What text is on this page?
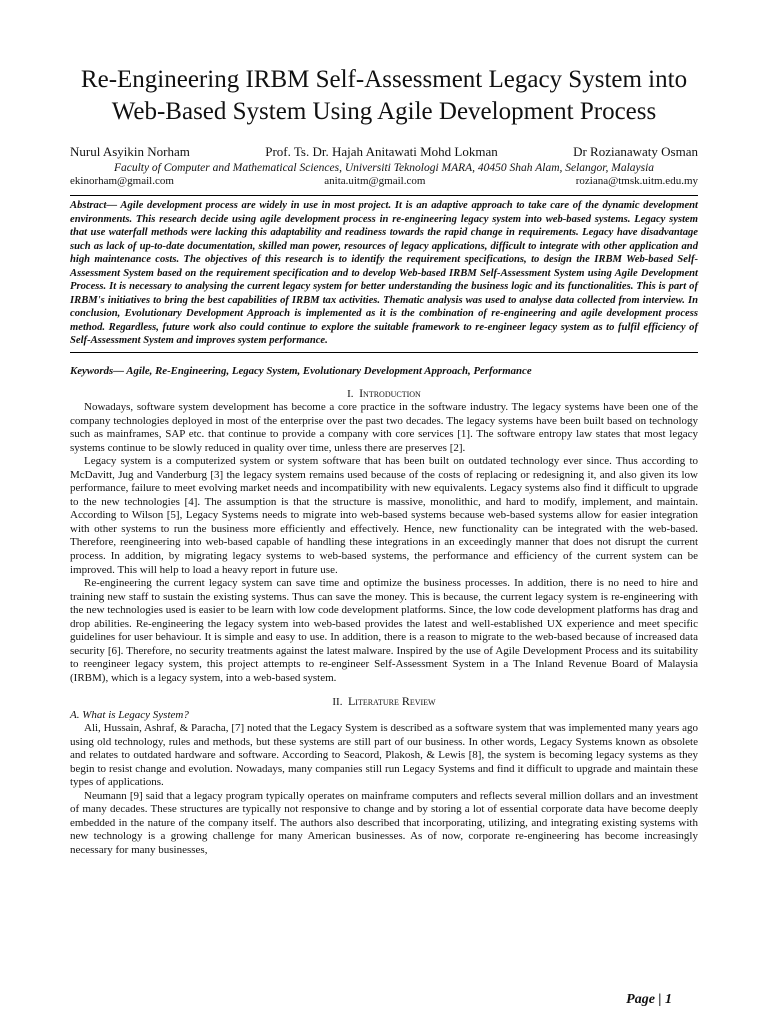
Re-Engineering IRBM Self-Assessment Legacy System into
Web-Based System Using Agile Development Process
Nurul Asyikin Norham	Prof. Ts. Dr. Hajah Anitawati Mohd Lokman	Dr Rozianawaty Osman
Faculty of Computer and Mathematical Sciences, Universiti Teknologi MARA, 40450 Shah Alam, Selangor, Malaysia
ekinorham@gmail.com	anita.uitm@gmail.com	roziana@tmsk.uitm.edu.my

Abstract— Agile development process are widely in use in most project. It is an adaptive approach to take care of the dynamic development environments. This research decide using agile development process in re-engineering legacy system into web-based systems. Legacy system that use waterfall methods were lacking this adaptability and readiness towards the rapid change in requirements. Legacy have disadvantage such as lack of up-to-date documentation, skilled man power, resources of legacy applications, difficult to integrate with other application and high maintenance costs. The objectives of this research is to identify the requirement specifications, to design the IRBM Web-based Self-Assessment System based on the requirement specification and to develop Web-based IRBM Self-Assessment System using Agile Development Process. It is necessary to analysing the current legacy system for better understanding the business logic and its functionalities. This is part of IRBM's initiatives to bring the best capabilities of IRBM tax activities. Thematic analysis was used to analyse data collected from interview. In conclusion, Evolutionary Development Approach is implemented as it is the combination of re-engineering and agile development process method. Regardless, future work also could continue to explore the suitable framework to re-engineer legacy system as to fulfil efficiency of Self-Assessment System and improves system performance.

Keywords— Agile, Re-Engineering, Legacy System, Evolutionary Development Approach, Performance

I. Introduction

Nowadays, software system development has become a core practice in the software industry. The legacy systems have been one of the company technologies deployed in most of the enterprise over the past two decades. The legacy systems have been built based on technology such as mainframes, SAP etc. that continue to provide a company with core services [1]. The software entropy law states that most legacy systems continue to be slowly reduced in quality over time, unless there are preserves [2].

Legacy system is a computerized system or system software that has been built on outdated technology ever since. Thus according to McDavitt, Jug and Vanderburg [3] the legacy system remains used because of the costs of replacing or redesigning it, and also given its low performance, failure to meet evolving market needs and incompatibility with new equivalents. Legacy systems also find it difficult to upgrade to the new technologies [4]. The assumption is that the structure is massive, monolithic, and hard to modify, implement, and maintain. According to Wilson [5], Legacy Systems needs to migrate into web-based systems because web-based systems allow for easier integration with other systems to run the business more efficiently and effectively. Hence, new functionality can be integrated with the web-based. Therefore, reengineering into web-based capable of handling these integrations in an exceedingly manner that does not disrupt the current process. In addition, by migrating legacy systems to web-based systems, the performance and efficiency of the current system can be improved. This will help to load a heavy report in future use.

Re-engineering the current legacy system can save time and optimize the business processes. In addition, there is no need to hire and training new staff to sustain the existing systems. Thus can save the money. This is because, the current legacy system is re-engineering with the new technologies used is easier to be learn with low code development platforms. Since, the low code development platforms has drag and drop abilities. Re-engineering the legacy system into web-based provides the latest and well-established UX experience and meet specific guidelines for user behaviour. It is simple and easy to use. In addition, there is a reason to migrate to the web-based because of increased data security [6]. Therefore, no security treatments against the latest malware. Inspired by the use of Agile Development Process and its suitability to reengineer legacy system, this project attempts to re-engineer Self-Assessment System in a The Inland Revenue Board of Malaysia (IRBM), which is a legacy system, into a web-based system.

II. Literature Review

A. What is Legacy System?

Ali, Hussain, Ashraf, & Paracha, [7] noted that the Legacy System is described as a software system that was implemented many years ago using old technology, rules and methods, but these systems are still part of our business. In other words, Legacy Systems known as obsolete and relates to outdated hardware and software. According to Seacord, Plakosh, & Lewis [8], the system is becoming legacy systems as they begin to resist change and evolution. Nowadays, many companies still run Legacy Systems and find it difficult to upgrade and maintain these types of applications.

Neumann [9] said that a legacy program typically operates on mainframe computers and reflects several million dollars and an investment of many decades. These structures are typically not responsive to change and by storing a lot of essential corporate data have become deeply embedded in the nature of the company itself. The authors also described that incorporating, utilizing, and integrating existing systems with new technology is a growing challenge for many American businesses. As of now, corporate re-engineering has become increasingly necessary for many businesses,

Page | 1
